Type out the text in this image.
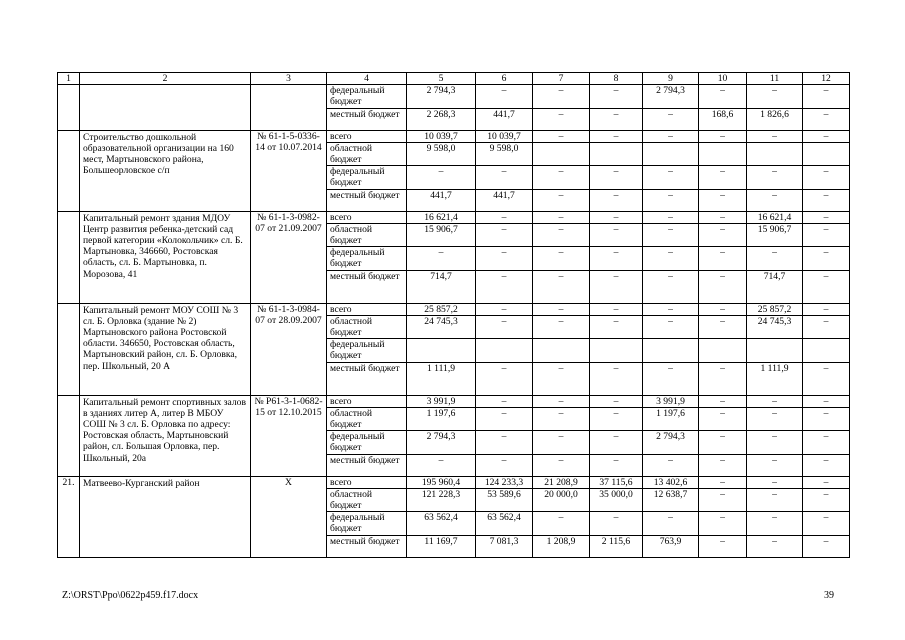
1	2	3	4	5	6	7	8	9	10	11	12
			федеральный бюджет	2 794,3	–	–	–	2 794,3	–	–	–
			местный бюджет	2 268,3	441,7	–	–	–	168,6	1 826,6	–
	Строительство дошкольной образовательной организации на 160 мест, Мартыновского района, Большеорловское с/п	№ 61-1-5-0336-14 от 10.07.2014	всего	10 039,7	10 039,7	–	–	–	–	–	–
			областной бюджет	9 598,0	9 598,0						
			федеральный бюджет	–	–	–	–	–	–	–	–
			местный бюджет	441,7	441,7	–	–	–	–	–	–
	Капитальный ремонт здания МДОУ Центр развития ребенка-детский сад первой категории «Колокольчик» сл. Б. Мартыновка, 346660, Ростовская область, сл. Б. Мартыновка, п. Морозова, 41	№ 61-1-3-0982-07 от 21.09.2007	всего	16 621,4	–	–	–	–	–	16 621,4	–
			областной бюджет	15 906,7	–	–	–	–	–	15 906,7	–
			федеральный бюджет	–	–	–	–	–	–	–	–
			местный бюджет	714,7	–	–	–	–	–	714,7	–
	Капитальный ремонт МОУ СОШ № 3 сл. Б. Орловка (здание № 2) Мартыновского района Ростовской области. 346650, Ростовская область, Мартыновский район, сл. Б. Орловка, пер. Школьный, 20 А	№ 61-1-3-0984-07 от 28.09.2007	всего	25 857,2	–	–	–	–	–	25 857,2	–
			областной бюджет	24 745,3	–	–	–	–	–	24 745,3	–
			федеральный бюджет								
			местный бюджет	1 111,9	–	–	–	–	–	1 111,9	–
	Капитальный ремонт спортивных залов в зданиях литер А, литер В МБОУ СОШ № 3 сл. Б. Орловка по адресу: Ростовская область, Мартыновский район, сл. Большая Орловка, пер. Школьный, 20а	№ Р61-3-1-0682-15 от 12.10.2015	всего	3 991,9	–	–	–	3 991,9	–	–	–
			областной бюджет	1 197,6	–	–	–	1 197,6	–	–	–
			федеральный бюджет	2 794,3	–	–	–	2 794,3	–	–	–
			местный бюджет	–	–	–	–	–	–	–	–
21.	Матвеево-Курганский район	Х	всего	195 960,4	124 233,3	21 208,9	37 115,6	13 402,6	–	–	–
			областной бюджет	121 228,3	53 589,6	20 000,0	35 000,0	12 638,7	–	–	–
			федеральный бюджет	63 562,4	63 562,4	–	–	–	–	–	–
			местный бюджет	11 169,7	7 081,3	1 208,9	2 115,6	763,9	–	–	–
Z:\ORST\Ppo\0622p459.f17.docx	39
